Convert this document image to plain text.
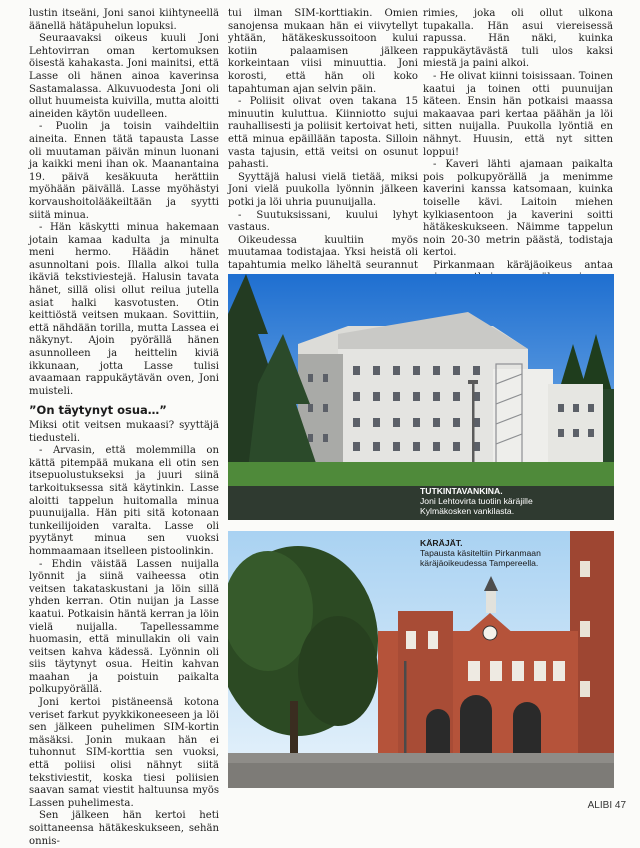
lustin itseäni, Joni sanoi kiihtyneellä äänellä hätäpuhelun lopuksi.

Seuraavaksi oikeus kuuli Joni Lehtovirran oman kertomuksen öisestä kahakasta. Joni mainitsi, että Lasse oli hänen ainoa kaverinsa Sastamalassa. Alkuvuodesta Joni oli ollut huumeista kuivilla, mutta aloitti aineiden käytön uudelleen.

- Puolin ja toisin vaihdeltiin aineita. Ennen tätä tapausta Lasse oli muutaman päivän minun luonani ja kaikki meni ihan ok. Maanantaina 19. päivä kesäkuuta herättiin myöhään päivällä. Lasse myöhästyi korvaushoitolääkeiltään ja syytti siitä minua.

- Hän käskytti minua hakemaan jotain kamaa kadulta ja minulta meni hermo. Häädin hänet asunnoltani pois. Illalla alkoi tulla ikäviä tekstiviestejä. Halusin tavata hänet, sillä olisi ollut reilua jutella asiat halki kasvotusten. Otin keittiöstä veitsen mukaan. Sovittiin, että nähdään torilla, mutta Lassea ei näkynyt. Ajoin pyörällä hänen asunnolleen ja heittelin kiviä ikkunaan, jotta Lasse tulisi avaamaan rappukäytävän oven, Joni muisteli.

”On täytynyt osua…”

Miksi otit veitsen mukaasi? syyttäjä tiedusteli.

- Arvasin, että molemmilla on kättä pitempää mukana eli otin sen itsepuolustukseksi ja juuri siinä tarkoituksessa sitä käytinkin. Lasse aloitti tappelun huitomalla minua puunuijalla. Hän piti sitä kotonaan tunkeilijoiden varalta. Lasse oli pyytänyt minua sen vuoksi hommaamaan itselleen pistoolinkin.

- Ehdin väistää Lassen nuijalla lyönnit ja siinä vaiheessa otin veitsen takataskustani ja löin sillä yhden kerran. Otin nuijan ja Lasse kaatui. Potkaisin häntä kerran ja löin vielä nuijalla. Tapellessamme huomasin, että minullakin oli vain veitsen kahva kädessä. Lyönnin oli siis täytynyt osua. Heitin kahvan maahan ja poistuin paikalta polkupyörällä.

Joni kertoi pistäneensä kotona veriset farkut pyykkikoneeseen ja löi sen jälkeen puhelimen SIM-kortin mäsäksi. Jonin mukaan hän ei tuhonnut SIM-korttia sen vuoksi, että poliisi olisi nähnyt siitä tekstiviestit, koska tiesi poliisien saavan samat viestit haltuunsa myös Lassen puhelimesta.

Sen jälkeen hän kertoi heti soittaneensa hätäkeskukseen, sehän onnis-

tui ilman SIM-korttiakin. Omien sanojensa mukaan hän ei viivytellyt yhtään, hätäkeskussoitoon kului kotiin palaamisen jälkeen korkeintaan viisi minuuttia. Joni korosti, että hän oli koko tapahtuman ajan selvin päin.

- Poliisit olivat oven takana 15 minuutin kuluttua. Kiinniotto sujui rauhallisesti ja poliisit kertoivat heti, että minua epäillään taposta. Silloin vasta tajusin, että veitsi on osunut pahasti.

Syyttäjä halusi vielä tietää, miksi Joni vielä puukolla lyönnin jälkeen potki ja löi uhria puunuijalla.

- Suutuksissani, kuului lyhyt vastaus.

Oikeudessa kuultiin myös muutamaa todistajaa. Yksi heistä oli tapahtumia melko läheltä seurannut

rimies, joka oli ollut ulkona tupakalla. Hän asui viereisessä rapussa. Hän näki, kuinka rappukäytävästä tuli ulos kaksi miestä ja paini alkoi.

- He olivat kiinni toisissaan. Toinen kaatui ja toinen otti puunuijan käteen. Ensin hän potkaisi maassa makaavaa pari kertaa päähän ja löi sitten nuijalla. Puukolla lyöntiä en nähnyt. Huusin, että nyt sitten loppui!

- Kaveri lähti ajamaan paikalta pois polkupyörällä ja menimme kaverini kanssa katsomaan, kuinka toiselle kävi. Laitoin miehen kylkiasentoon ja kaverini soitti hätäkeskukseen. Näimme tappelun noin 20-30 metrin päästä, todistaja kertoi.

Pirkanmaan käräjäoikeus antaa

TUTKINTAVANKINA.
Joni Lehtovirta tuotiin käräjille
Kylmäkosken vankilasta.
KÄRÄJÄT.
Tapausta käsiteltiin Pirkanmaan
käräjäoikeudessa Tampereella.
ALIBI 47
